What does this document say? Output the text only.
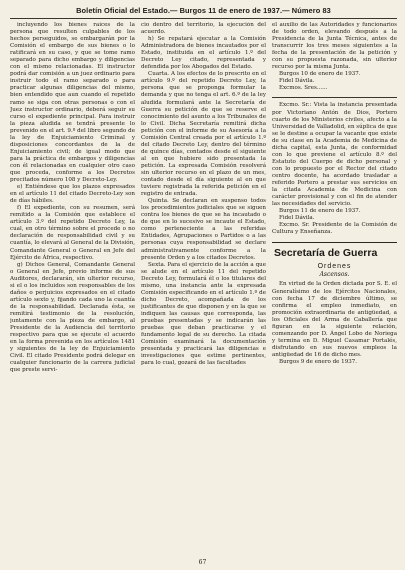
Boletín Oficial del Estado.— Burgos 11 de enero de 1937.— Número 83

incluyendo los bienes raíces de la persona que resulten culpables de los hechos perseguidos, se embargarán por la Comisión el embargo de sus bienes o lo ratificará en su caso, y que se tome ramo separado para dicho embargo y diligencias con el mismo relacionadas. El instructor podrá dar comisión a un juez ordinario para instruir todo el ramo separado o para practicar algunas diligencias del mismo, bien entendido que aun cuando el repetido ramo se siga con otras personas o con el Juez instructor ordinario, deberá seguir su curso el expediente principal. Para instruir la pieza aludida se tendrá presente lo prevenido en el art. 9.º del libro segundo de la ley de Enjuiciamiento Criminal y disposiciones concordantes de la de Enjuiciamiento civil; de igual modo que para la práctica de embargos y diligencias con él relacionadas en cualquier otro caso que proceda, conforme a los Decretos precitados número 108 y Decreto-Ley.

e) Entiéndese que los plazos expresados en el artículo 11 del citado Decreto-Ley son de días hábiles.

f) El expediente, con su resumen, será remitido a la Comisión que establece el artículo 3.º del repetido Decreto Ley, la cual, en otro término sobre el procede o no declaración de responsabilidad civil y su cuantía, lo elevará al General de la División, Comandante General o General en Jefe del Ejército de África, respectivo.

g) Dichos General, Comandante General o General en Jefe, previo informe de sus Auditores, declararán, sin ulterior recurso, si el o los incluidos son responsables de los daños o perjuicios expresados en el citado artículo sexto y, fijando cada uno la cuantía de la responsabilidad. Declarada ésta, se remitirá testimonio de la resolución, juntamente con la pieza de embargo, al Presidente de la Audiencia del territorio respectivo para que se ejecute el acuerdo en la forma prevenida en los artículos 1481 y siguientes de la ley de Enjuiciamiento Civil. El citado Presidente podrá delegar en cualquier funcionario de la carrera judicial que preste servi-

cio dentro del territorio, la ejecución del acuerdo.

h) Se repatará ejecutar a la Comisión Administradora de bienes incautados por el Estado, instituida en el artículo 1.º del Decreto Ley citado, representada y defendida por los Abogados del Estado.

Cuarta. A los efectos de lo prescrito en el artículo 9.º del repetido Decreto Ley, la persona que se proponga formular la demanda y que no tenga el art. 6.º de la ley aludida formulará ante la Secretaría de Guerra su petición de que se reserve el conocimiento del asunto a los Tribunales de lo Civil. Dicha Secretaría remitirá dicha petición con el informe de su Asesoría a la Comisión Central creada por el artículo 1.º del citado Decreto Ley, dentro del término de quince días, contados desde el siguiente al en que hubiere sido presentada la petición. La expresada Comisión resolverá sin ulterior recurso en el plazo de un mes, contado desde el día siguiente al en que tuviere registrada la referida petición en el registro de entrada.

Quinta. Se declaran en suspenso todos los procedimientos judiciales que se siguen contra los bienes de que se ha incautado o de que en lo sucesivo se incaute el Estado, como perteneciente a las referidas Entidades, Agrupaciones o Partidos o a las personas cuya responsabilidad se declare administrativamente conforme a la presente Orden y a los citados Decretos.

Sexta. Para el ejercicio de la acción a que se alude en el artículo 11 del repetido Decreto Ley, formulará él o los titulares del mismo, una instancia ante la expresada Comisión especificando en el artículo 1.º de dicho Decreto, acompañada de los justificantes de que disponen y en la que se indiquen las causas que corresponda, las pruebas presentadas y se indicarán las pruebas que deban practicarse y el fundamento legal de su derecho. La citada Comisión examinará la documentación presentada y practicará las diligencias e investigaciones que estime pertinentes, para lo cual, gozará de las facultades

el auxilio de las Autoridades y funcionarios de todo orden, elevando después a la Presidencia de la Junta Técnica, antes de transcurrir los tres meses siguientes a la fecha de la presentación de la petición y con su propuesta razonada, sin ulterior recurso por la misma Junta.

Burgos 10 de enero de 1937.

Fidel Dávila.

Excmos. Sres......

Excmo. Sr.: Vista la instancia presentada por Victoriano Antón de Dios, Portero cuarto de los Ministerios civiles, afecto a la Universidad de Valladolid, en súplica de que se le destine a ocupar la vacante que existe de su clase en la Academia de Medicina de dicha capital, esta Junta, de conformidad con lo que previene el artículo 8.º del Estatuto del Cuerpo de dicho personal y con lo propuesto por el Rector del citado centro docente, ha acordado trasladar a referido Portero a prestar sus servicios en la citada Academia de Medicina con carácter provisional y con el fin de atender las necesidades del servicio.

Burgos 11 de enero de 1937.

Fidel Dávila.

Excmo. Sr. Presidente de la Comisión de Cultura y Enseñanza.

Secretaría de Guerra
Ordenes
Ascensos.

En virtud de la Orden dictada por S. E. el Generalísimo de los Ejércitos Nacionales, con fecha 17 de diciembre último, se confirma el empleo inmediato, en promoción extraordinaria de antigüedad, a los Oficiales del Arma de Caballería que figuran en la siguiente relación, comenzando por D. Ángel Lobo de Noriega y termina en D. Miguel Casamar Portalés, disfrutando en sus nuevos empleos la antigüedad de 16 de dicho mes.

Burgos 9 de enero de 1937.

67
